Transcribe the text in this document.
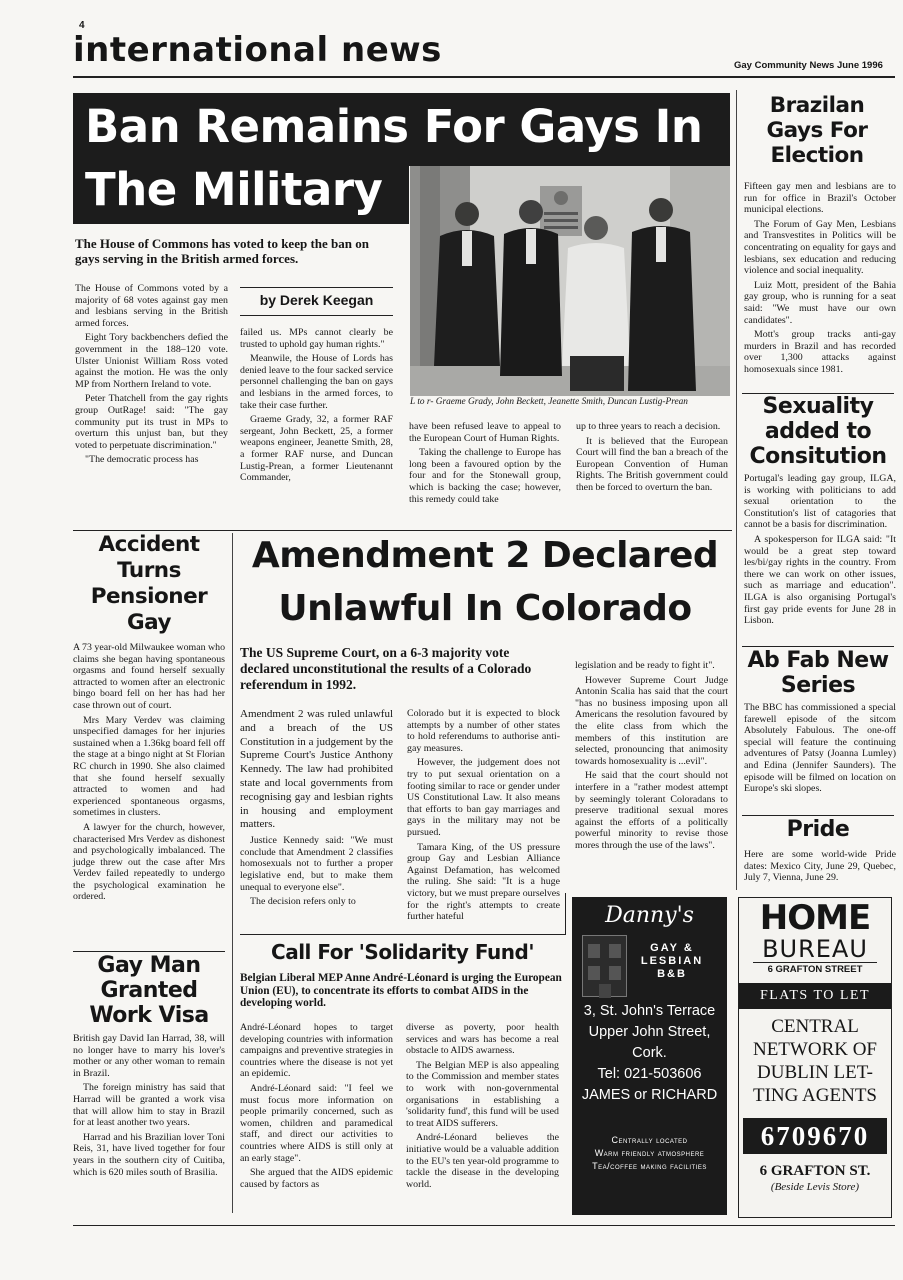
4
international news	Gay Community News June 1996
Ban Remains For Gays In The Military
L to r- Graeme Grady, John Beckett, Jeanette Smith, Duncan Lustig-Prean
The House of Commons has voted to keep the ban on gays serving in the British armed forces.

The House of Commons voted by a majority of 68 votes against gay men and lesbians serving in the British armed forces.

Eight Tory backbenchers defied the government in the 188–120 vote. Ulster Unionist William Ross voted against the motion. He was the only MP from Northern Ireland to vote.

Peter Thatchell from the gay rights group OutRage! said: "The gay community put its trust in MPs to overturn this unjust ban, but they voted to perpetuate discrimination."

"The democratic process has

by Derek Keegan

failed us. MPs cannot clearly be trusted to uphold gay human rights."

Meanwile, the House of Lords has denied leave to the four sacked service personnel challenging the ban on gays and lesbians in the armed forces, to take their case further.

Graeme Grady, 32, a former RAF sergeant, John Beckett, 25, a former weapons engineer, Jeanette Smith, 28, a former RAF nurse, and Duncan Lustig-Prean, a former Lieutenannt Commander,

have been refused leave to appeal to the European Court of Human Rights.

Taking the challenge to Europe has long been a favoured option by the four and for the Stonewall group, which is backing the case; however, this remedy could take

up to three years to reach a decision.

It is believed that the European Court will find the ban a breach of the European Convention of Human Rights. The British government could then be forced to overturn the ban.

Brazilan Gays For Election

Fifteen gay men and lesbians are to run for office in Brazil's October municipal elections.

The Forum of Gay Men, Lesbians and Transvestites in Politics will be concentrating on equality for gays and lesbians, sex education and reducing violence and social inequality.

Luiz Mott, president of the Bahia gay group, who is running for a seat said: "We must have our own candidates".

Mott's group tracks anti-gay murders in Brazil and has recorded over 1,300 attacks against homosexuals since 1981.

Sexuality added to Consitution

Portugal's leading gay group, ILGA, is working with politicians to add sexual orientation to the Constitution's list of catagories that cannot be a basis for discrimination.

A spokesperson for ILGA said: "It would be a great step toward les/bi/gay rights in the country. From there we can work on other issues, such as marriage and education". ILGA is also organising Portugal's first gay pride events for June 28 in Lisbon.

Ab Fab New Series

The BBC has commissioned a special farewell episode of the sitcom Absolutely Fabulous. The one-off special will feature the continuing adventures of Patsy (Joanna Lumley) and Edina (Jennifer Saunders). The episode will be filmed on location on Europe's ski slopes.

Pride

Here are some world-wide Pride dates: Mexico City, June 29, Quebec, July 7, Vienna, June 29.

Accident Turns Pensioner Gay

A 73 year-old Milwaukee woman who claims she began having spontaneous orgasms and found herself sexually attracted to women after an electronic bingo board fell on her has had her case thrown out of court.

Mrs Mary Verdev was claiming unspecified damages for her injuries sustained when a 1.36kg board fell off the stage at a bingo night at St Florian RC church in 1990. She also claimed that she found herself sexually attracted to women and had experienced spontaneous orgasms, sometimes in clusters.

A lawyer for the church, however, characterised Mrs Verdev as dishonest and psychologically imbalanced. The judge threw out the case after Mrs Verdev failed repeatedly to undergo the psychological examination he ordered.

Gay Man Granted Work Visa

British gay David Ian Harrad, 38, will no longer have to marry his lover's mother or any other woman to remain in Brazil.

The foreign ministry has said that Harrad will be granted a work visa that will allow him to stay in Brazil for at least another two years.

Harrad and his Brazilian lover Toni Reis, 31, have lived together for four years in the southern city of Cuitiba, which is 620 miles south of Brasilia.

Amendment 2 Declared
Unlawful In Colorado
The US Supreme Court, on a 6-3 majority vote declared unconstitutional the results of a Colorado referendum in 1992.

Amendment 2 was ruled unlawful and a breach of the US Constitution in a judgement by the Supreme Court's Justice Anthony Kennedy. The law had prohibited state and local governments from recognising gay and lesbian rights in housing and employment matters.

Justice Kennedy said: "We must conclude that Amendment 2 classifies homosexuals not to further a proper legislative end, but to make them unequal to everyone else".

The decision refers only to

Colorado but it is expected to block attempts by a number of other states to hold referendums to authorise anti-gay measures.

However, the judgement does not try to put sexual orientation on a footing similar to race or gender under US Constitutional Law. It also means that efforts to ban gay marriages and gays in the military may not be pursued.

Tamara King, of the US pressure group Gay and Lesbian Alliance Against Defamation, has welcomed the ruling. She said: "It is a huge victory, but we must prepare ourselves for the right's attempts to create further hateful

legislation and be ready to fight it".

However Supreme Court Judge Antonin Scalia has said that the court "has no business imposing upon all Americans the resolution favoured by the elite class from which the members of this institution are selected, pronouncing that animosity towards homosexuality is ...evil".

He said that the court should not interfere in a "rather modest attempt by seemingly tolerant Coloradans to preserve traditional sexual mores against the efforts of a politically powerful minority to revise those mores through the use of the laws".

Call For 'Solidarity Fund'
Belgian Liberal MEP Anne André-Léonard is urging the European Union (EU), to concentrate its efforts to combat AIDS in the developing world.

André-Léonard hopes to target developing countries with information campaigns and preventive strategies in countries where the disease is not yet an epidemic.

André-Léonard said: "I feel we must focus more information on people primarily concerned, such as women, children and paramedical staff, and direct our activities to countries where AIDS is still only at an early stage".

She argued that the AIDS epidemic caused by factors as

diverse as poverty, poor health services and wars has become a real obstacle to AIDS awarness.

The Belgian MEP is also appealing to the Commission and member states to work with non-governmental organisations in establishing a 'solidarity fund', this fund will be used to treat AIDS sufferers.

André-Léonard believes the initiative would be a valuable addition to the EU's ten year-old programme to tackle the disease in the developing world.

Danny's
GAY &
LESBIAN
B&B
3, St. John's Terrace
Upper John Street,
Cork.
Tel: 021-503606
JAMES or RICHARD
Centrally located
Warm friendly atmosphere
Tea/coffee making facilities
HOME
BUREAU
6 GRAFTON STREET
FLATS TO LET
CENTRAL NETWORK OF DUBLIN LET-TING AGENTS
6709670
6 GRAFTON ST.
(Beside Levis Store)
